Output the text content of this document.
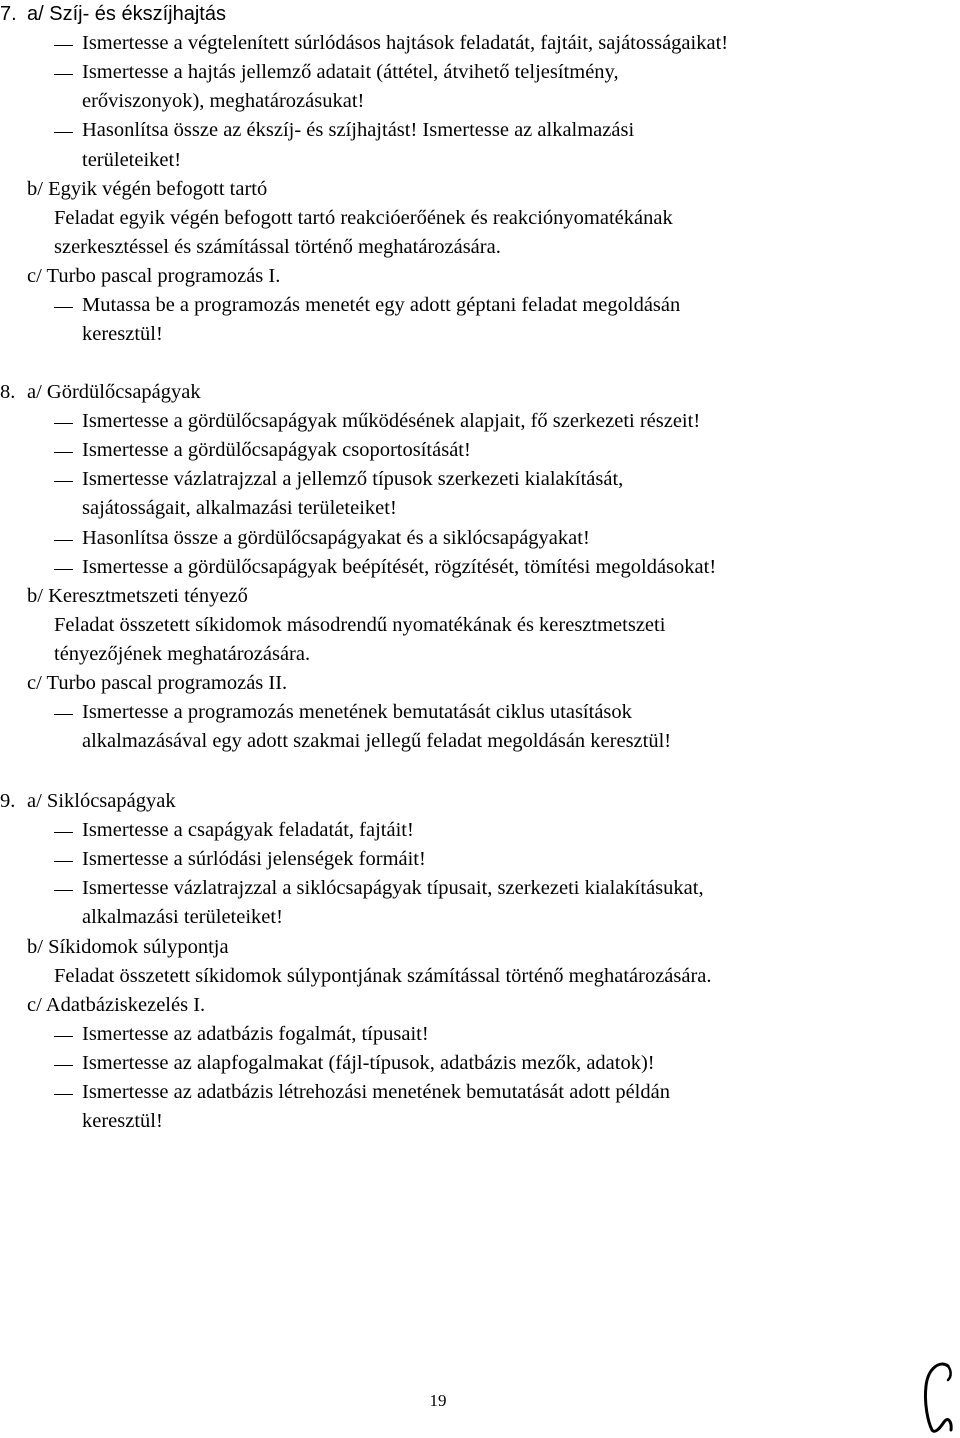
7. a/ Szíj- és ékszíjhajtás
Ismertesse a végtelenített súrlódásos hajtások feladatát, fajtáit, sajátosságaikat!
Ismertesse a hajtás jellemző adatait (áttétel, átvihető teljesítmény,
erőviszonyok), meghatározásukat!
Hasonlítsa össze az ékszíj- és szíjhajtást! Ismertesse az alkalmazási
területeiket!
b/ Egyik végén befogott tartó
Feladat egyik végén befogott tartó reakcióerőének és reakciónyomatékának
szerkesztéssel és számítással történő meghatározására.
c/ Turbo pascal programozás I.
Mutassa be a programozás menetét egy adott géptani feladat megoldásán
keresztül!
8. a/ Gördülőcsapágyak
Ismertesse a gördülőcsapágyak működésének alapjait, fő szerkezeti részeit!
Ismertesse a gördülőcsapágyak csoportosítását!
Ismertesse vázlatrajzzal a jellemző típusok szerkezeti kialakítását,
sajátosságait, alkalmazási területeiket!
Hasonlítsa össze a gördülőcsapágyakat és a siklócsapágyakat!
Ismertesse a gördülőcsapágyak beépítését, rögzítését, tömítési megoldásokat!
b/ Keresztmetszeti tényező
Feladat összetett síkidomok másodrendű nyomatékának és keresztmetszeti
tényezőjének meghatározására.
c/ Turbo pascal programozás II.
Ismertesse a programozás menetének bemutatását ciklus utasítások
alkalmazásával egy adott szakmai jellegű feladat megoldásán keresztül!
9. a/ Siklócsapágyak
Ismertesse a csapágyak feladatát, fajtáit!
Ismertesse a súrlódási jelenségek formáit!
Ismertesse vázlatrajzzal a siklócsapágyak típusait, szerkezeti kialakításukat,
alkalmazási területeiket!
b/ Síkidomok súlypontja
Feladat összetett síkidomok súlypontjának számítással történő meghatározására.
c/ Adatbáziskezelés I.
Ismertesse az adatbázis fogalmát, típusait!
Ismertesse az alapfogalmakat (fájl-típusok, adatbázis mezők, adatok)!
Ismertesse az adatbázis létrehozási menetének bemutatását adott példán
keresztül!
19
